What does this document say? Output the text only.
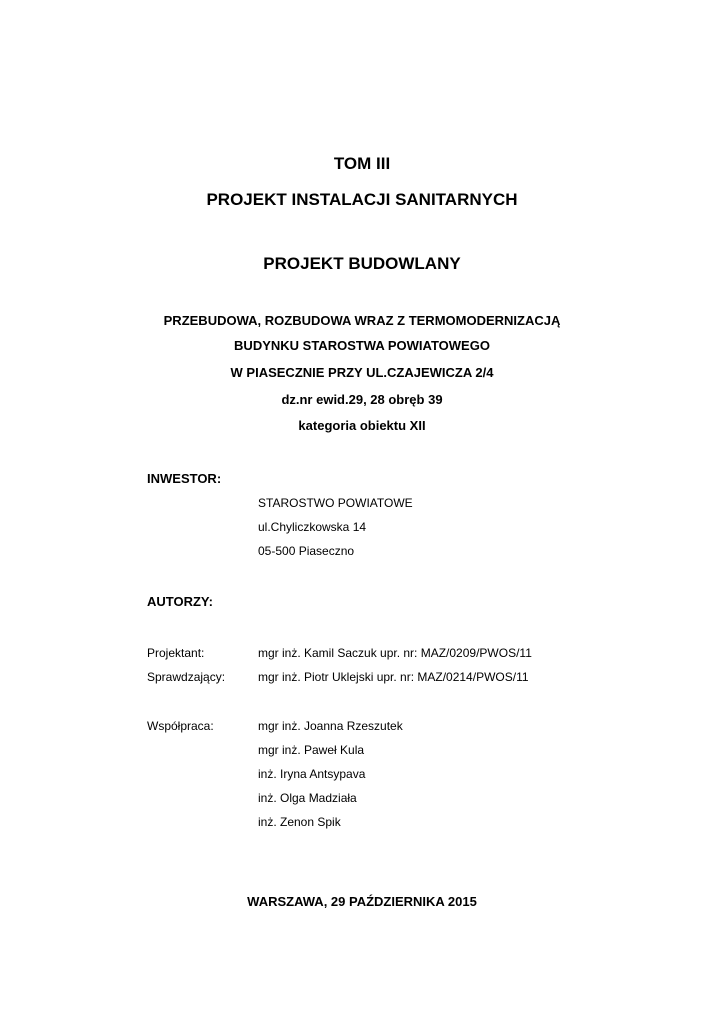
TOM III
PROJEKT INSTALACJI SANITARNYCH
PROJEKT BUDOWLANY
PRZEBUDOWA, ROZBUDOWA WRAZ Z TERMOMODERNIZACJĄ
BUDYNKU STAROSTWA POWIATOWEGO
W PIASECZNIE PRZY UL.CZAJEWICZA 2/4
dz.nr ewid.29, 28 obręb 39
kategoria obiektu XII
INWESTOR:
STAROSTWO POWIATOWE
ul.Chyliczkowska 14
05-500 Piaseczno
AUTORZY:
Projektant:	mgr inż. Kamil Saczuk upr. nr: MAZ/0209/PWOS/11
Sprawdzający:	mgr inż. Piotr Uklejski upr. nr: MAZ/0214/PWOS/11
Współpraca:	mgr inż. Joanna Rzeszutek
mgr inż. Paweł Kula
inż. Iryna Antsypava
inż. Olga Madziała
inż. Zenon Spik
WARSZAWA, 29 PAŹDZIERNIKA 2015
